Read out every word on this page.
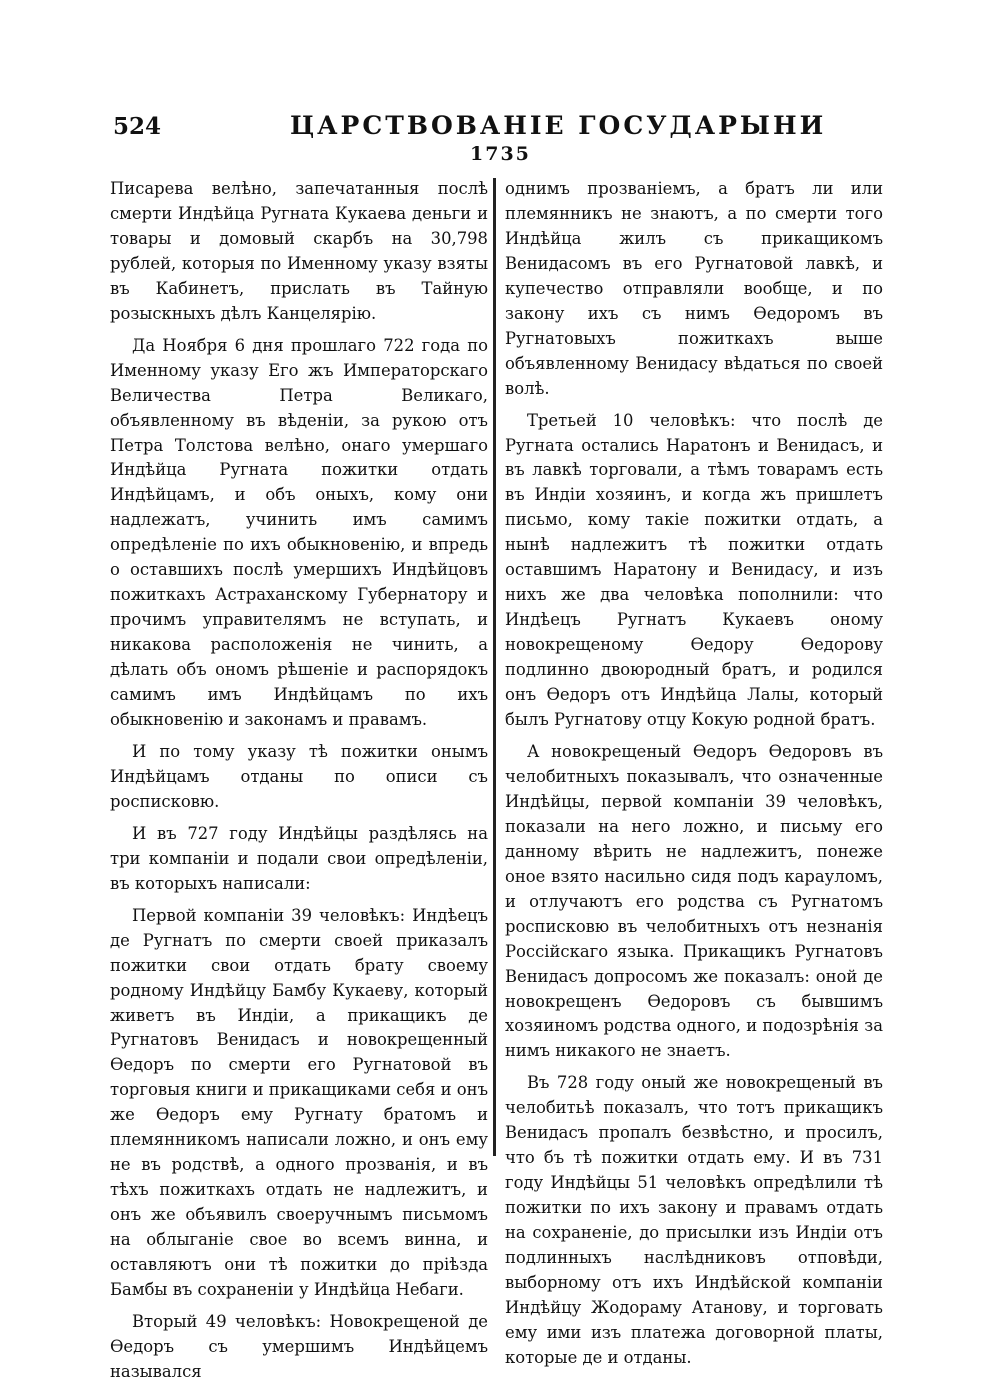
524	ЦАРСТВОВАНІЕ ГОСУДАРЫНИ
1735

Писарева велѣно, запечатанныя послѣ смерти Индѣйца Ругната Кукаева деньги и товары и домовый скарбъ на 30,798 рублей, которыя по Именному указу взяты въ Кабинетъ, прислать въ Тайную розыскныхъ дѣлъ Канцелярію.

Да Ноября 6 дня прошлаго 722 года по Именному указу Его жъ Императорскаго Величества Петра Великаго, объявленному въ вѣденіи, за рукою отъ Петра Толстова велѣно, онаго умершаго Индѣйца Ругната пожитки отдать Индѣйцамъ, и объ оныхъ, кому они надлежатъ, учинить имъ самимъ опредѣленіе по ихъ обыкновенію, и впредь о оставшихъ послѣ умершихъ Индѣйцовъ пожиткахъ Астраханскому Губернатору и прочимъ управителямъ не вступать, и никакова расположенія не чинить, а дѣлать объ ономъ рѣшеніе и распорядокъ самимъ имъ Индѣйцамъ по ихъ обыкновенію и законамъ и правамъ.

И по тому указу тѣ пожитки онымъ Индѣйцамъ отданы по описи съ росписковю.

И въ 727 году Индѣйцы раздѣлясь на три компаніи и подали свои опредѣленіи, въ которыхъ написали:

Первой компаніи 39 человѣкъ: Индѣецъ де Ругнатъ по смерти своей приказалъ пожитки свои отдать брату своему родному Индѣйцу Бамбу Кукаеву, который живетъ въ Индіи, а прикащикъ де Ругнатовъ Венидасъ и новокрещенный Ѳедоръ по смерти его Ругнатовой въ торговыя книги и прикащиками себя и онъ же Ѳедоръ ему Ругнату братомъ и племянникомъ написали ложно, и онъ ему не въ родствѣ, а одного прозванія, и въ тѣхъ пожиткахъ отдать не надлежитъ, и онъ же объявилъ своеручнымъ письмомъ на облыганіе свое во всемъ винна, и оставляютъ они тѣ пожитки до пріѣзда Бамбы въ сохраненіи у Индѣйца Небаги.

Вторый 49 человѣкъ: Новокрещеной де Ѳедоръ съ умершимъ Индѣйцемъ назывался

однимъ прозваніемъ, а братъ ли или племянникъ не знаютъ, а по смерти того Индѣйца жилъ съ прикащикомъ Венидасомъ въ его Ругнатовой лавкѣ, и купечество отправляли вообще, и по закону ихъ съ нимъ Ѳедоромъ въ Ругнатовыхъ пожиткахъ выше объявленному Венидасу вѣдаться по своей волѣ.

Третьей 10 человѣкъ: что послѣ де Ругната остались Наратонъ и Венидасъ, и въ лавкѣ торговали, а тѣмъ товарамъ есть въ Индіи хозяинъ, и когда жъ пришлетъ письмо, кому такіе пожитки отдать, а нынѣ надлежитъ тѣ пожитки отдать оставшимъ Наратону и Венидасу, и изъ нихъ же два человѣка пополнили: что Индѣецъ Ругнатъ Кукаевъ оному новокрещеному Ѳедору Ѳедорову подлинно двоюродный братъ, и родился онъ Ѳедоръ отъ Индѣйца Лалы, который былъ Ругнатову отцу Кокую родной братъ.

А новокрещеный Ѳедоръ Ѳедоровъ въ челобитныхъ показывалъ, что означенные Индѣйцы, первой компаніи 39 человѣкъ, показали на него ложно, и письму его данному вѣрить не надлежитъ, понеже оное взято насильно сидя подъ карауломъ, и отлучаютъ его родства съ Ругнатомъ росписковю въ челобитныхъ отъ незнанія Россійскаго языка. Прикащикъ Ругнатовъ Венидасъ допросомъ же показалъ: оной де новокрещенъ Ѳедоровъ съ бывшимъ хозяиномъ родства одного, и подозрѣнія за нимъ никакого не знаетъ.

Въ 728 году оный же новокрещеный въ челобитьѣ показалъ, что тотъ прикащикъ Венидасъ пропалъ безвѣстно, и просилъ, что бъ тѣ пожитки отдать ему. И въ 731 году Индѣйцы 51 человѣкъ опредѣлили тѣ пожитки по ихъ закону и правамъ отдать на сохраненіе, до присылки изъ Индіи отъ подлинныхъ наслѣдниковъ отповѣди, выборному отъ ихъ Индѣйской компаніи Индѣйцу Жодораму Атанову, и торговать ему ими изъ платежа договорной платы, которые де и отданы.
